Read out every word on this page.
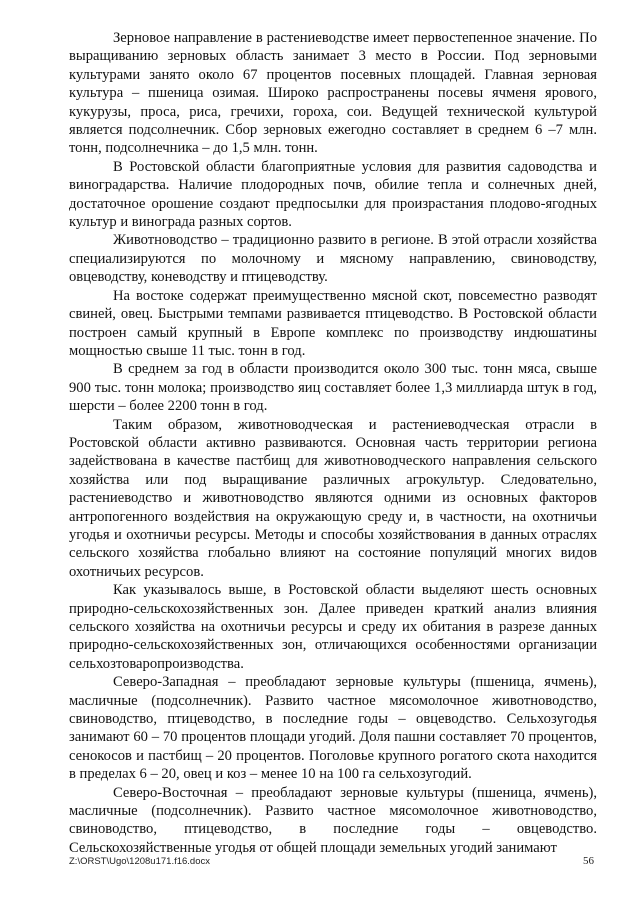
Зерновое направление в растениеводстве имеет первостепенное значение. По выращиванию зерновых область занимает 3 место в России. Под зерновыми культурами занято около 67 процентов посевных площадей. Главная зерновая культура – пшеница озимая. Широко распространены посевы ячменя ярового, кукурузы, проса, риса, гречихи, гороха, сои. Ведущей технической культурой является подсолнечник. Сбор зерновых ежегодно составляет в среднем 6 –7 млн. тонн, подсолнечника – до 1,5 млн. тонн.

В Ростовской области благоприятные условия для развития садоводства и виноградарства. Наличие плодородных почв, обилие тепла и солнечных дней, достаточное орошение создают предпосылки для произрастания плодово-ягодных культур и винограда разных сортов.

Животноводство – традиционно развито в регионе. В этой отрасли хозяйства специализируются по молочному и мясному направлению, свиноводству, овцеводству, коневодству и птицеводству.

На востоке содержат преимущественно мясной скот, повсеместно разводят свиней, овец. Быстрыми темпами развивается птицеводство. В Ростовской области построен самый крупный в Европе комплекс по производству индюшатины мощностью свыше 11 тыс. тонн в год.

В среднем за год в области производится около 300 тыс. тонн мяса, свыше 900 тыс. тонн молока; производство яиц составляет более 1,3 миллиарда штук в год, шерсти – более 2200 тонн в год.

Таким образом, животноводческая и растениеводческая отрасли в Ростовской области активно развиваются. Основная часть территории региона задействована в качестве пастбищ для животноводческого направления сельского хозяйства или под выращивание различных агрокультур. Следовательно, растениеводство и животноводство являются одними из основных факторов антропогенного воздействия на окружающую среду и, в частности, на охотничьи угодья и охотничьи ресурсы. Методы и способы хозяйствования в данных отраслях сельского хозяйства глобально влияют на состояние популяций многих видов охотничьих ресурсов.

Как указывалось выше, в Ростовской области выделяют шесть основных природно-сельскохозяйственных зон. Далее приведен краткий анализ влияния сельского хозяйства на охотничьи ресурсы и среду их обитания в разрезе данных природно-сельскохозяйственных зон, отличающихся особенностями организации сельхозтоваропроизводства.

Северо-Западная – преобладают зерновые культуры (пшеница, ячмень), масличные (подсолнечник). Развито частное мясомолочное животноводство, свиноводство, птицеводство, в последние годы – овцеводство. Сельхозугодья занимают 60 – 70 процентов площади угодий. Доля пашни составляет 70 процентов, сенокосов и пастбищ – 20 процентов. Поголовье крупного рогатого скота находится в пределах 6 – 20, овец и коз – менее 10 на 100 га сельхозугодий.

Северо-Восточная – преобладают зерновые культуры (пшеница, ячмень), масличные (подсолнечник). Развито частное мясомолочное животноводство, свиноводство, птицеводство, в последние годы – овцеводство. Сельскохозяйственные угодья от общей площади земельных угодий занимают

Z:\ORST\Ugo\1208u171.f16.docx	56
